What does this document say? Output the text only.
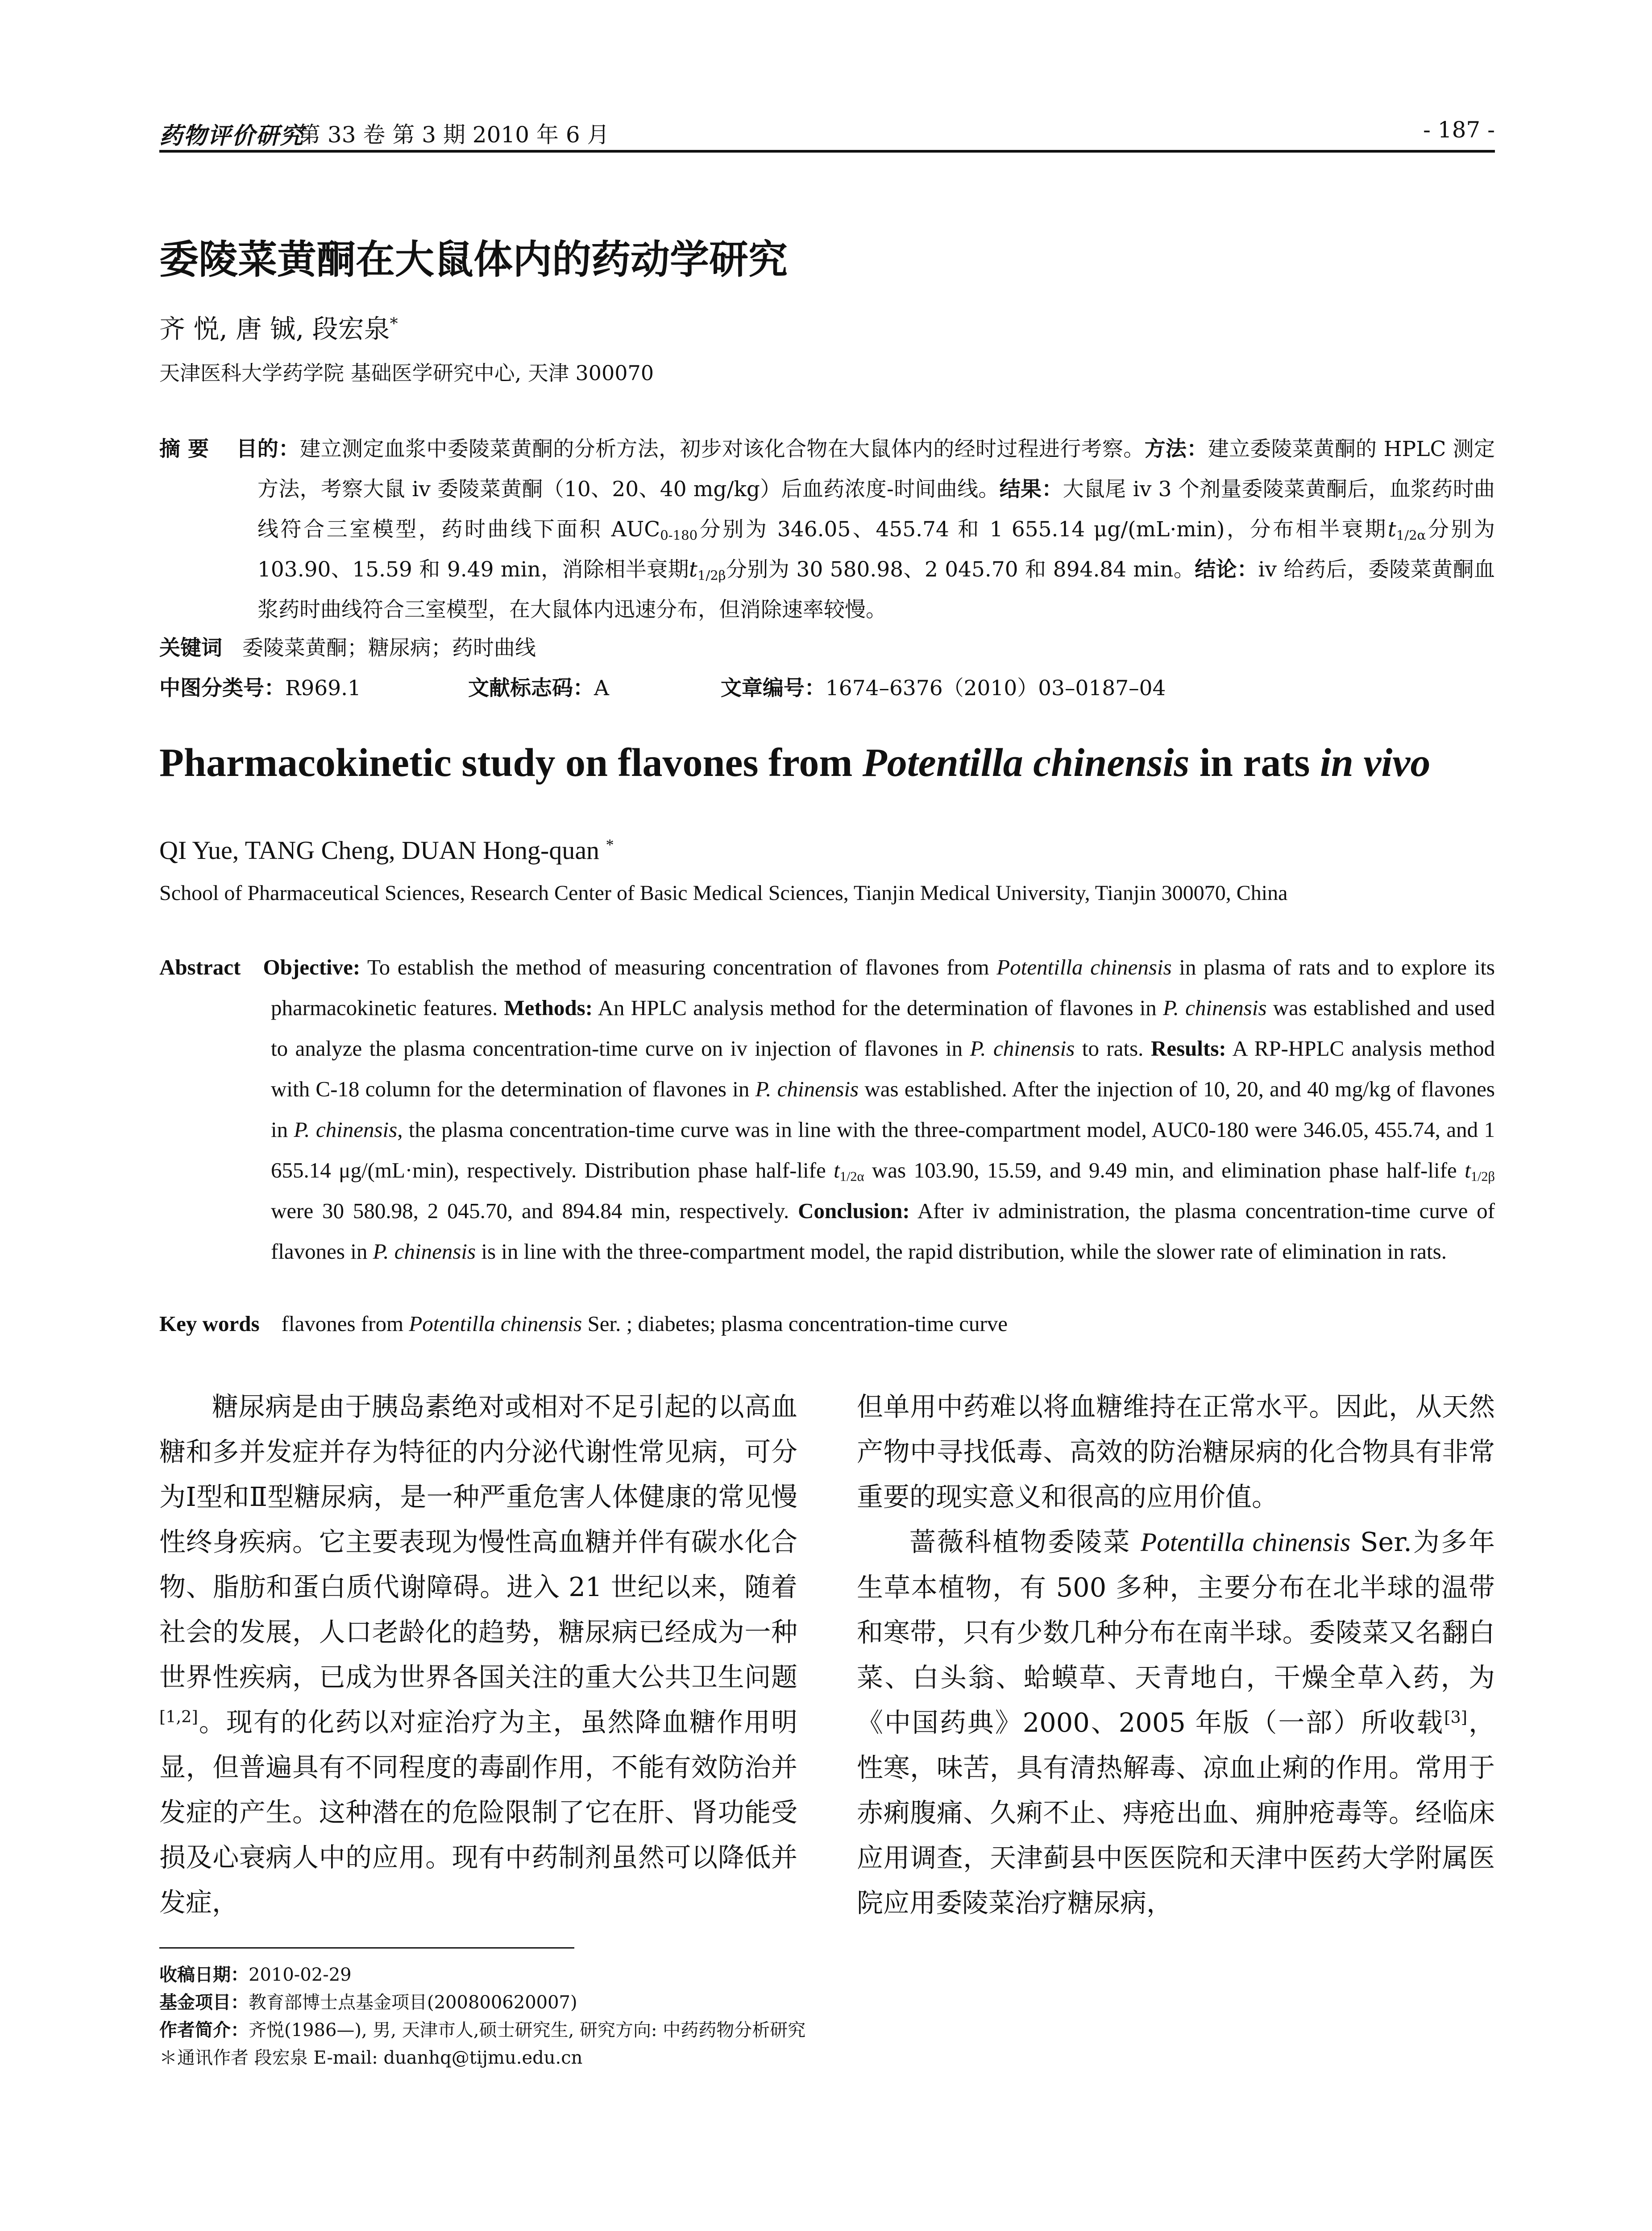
药物评价研究
第 33 卷 第 3 期 2010 年 6 月	- 187 -
委陵菜黄酮在大鼠体内的药动学研究
齐 悦, 唐 铖, 段宏泉*
天津医科大学药学院 基础医学研究中心, 天津 300070
摘 要 目的：建立测定血浆中委陵菜黄酮的分析方法，初步对该化合物在大鼠体内的经时过程进行考察。方法：建立委陵菜黄酮的 HPLC 测定方法，考察大鼠 iv 委陵菜黄酮（10、20、40 mg/kg）后血药浓度-时间曲线。结果：大鼠尾 iv 3 个剂量委陵菜黄酮后，血浆药时曲线符合三室模型，药时曲线下面积 $AUC_{0-180}$分别为 346.05、455.74 和 1 655.14 μg/(mL·min)，分布相半衰期$t_{1/2\alpha}$分别为 103.90、15.59 和 9.49 min，消除相半衰期$t_{1/2\beta}$分别为 30 580.98、2 045.70 和 894.84 min。结论：iv 给药后，委陵菜黄酮血浆药时曲线符合三室模型，在大鼠体内迅速分布，但消除速率较慢。
关键词 委陵菜黄酮；糖尿病；药时曲线
中图分类号：R969.1	文献标志码：A	文章编号：1674–6376（2010）03–0187–04
Pharmacokinetic study on flavones from Potentilla chinensis in rats in vivo
QI Yue, TANG Cheng, DUAN Hong-quan *
School of Pharmaceutical Sciences, Research Center of Basic Medical Sciences, Tianjin Medical University, Tianjin 300070, China
Abstract Objective: To establish the method of measuring concentration of flavones from Potentilla chinensis in plasma of rats and to explore its pharmacokinetic features. Methods: An HPLC analysis method for the determination of flavones in P. chinensis was established and used to analyze the plasma concentration-time curve on iv injection of flavones in P. chinensis to rats. Results: A RP-HPLC analysis method with C-18 column for the determination of flavones in P. chinensis was established. After the injection of 10, 20, and 40 mg/kg of flavones in P. chinensis, the plasma concentration-time curve was in line with the three-compartment model, AUC0-180 were 346.05, 455.74, and 1 655.14 μg/(mL·min), respectively. Distribution phase half-life $t_{1/2\alpha}$ was 103.90, 15.59, and 9.49 min, and elimination phase half-life $t_{1/2\beta}$ were 30 580.98, 2 045.70, and 894.84 min, respectively. Conclusion: After iv administration, the plasma concentration-time curve of flavones in P. chinensis is in line with the three-compartment model, the rapid distribution, while the slower rate of elimination in rats.
Key words flavones from Potentilla chinensis Ser. ; diabetes; plasma concentration-time curve

糖尿病是由于胰岛素绝对或相对不足引起的以高血糖和多并发症并存为特征的内分泌代谢性常见病，可分为Ⅰ型和Ⅱ型糖尿病，是一种严重危害人体健康的常见慢性终身疾病。它主要表现为慢性高血糖并伴有碳水化合物、脂肪和蛋白质代谢障碍。进入 21 世纪以来，随着社会的发展，人口老龄化的趋势，糖尿病已经成为一种世界性疾病，已成为世界各国关注的重大公共卫生问题[1,2]。现有的化药以对症治疗为主，虽然降血糖作用明显，但普遍具有不同程度的毒副作用，不能有效防治并发症的产生。这种潜在的危险限制了它在肝、肾功能受损及心衰病人中的应用。现有中药制剂虽然可以降低并发症，

但单用中药难以将血糖维持在正常水平。因此，从天然产物中寻找低毒、高效的防治糖尿病的化合物具有非常重要的现实意义和很高的应用价值。

蔷薇科植物委陵菜 Potentilla chinensis Ser.为多年生草本植物，有 500 多种，主要分布在北半球的温带和寒带，只有少数几种分布在南半球。委陵菜又名翻白菜、白头翁、蛤蟆草、天青地白，干燥全草入药，为《中国药典》2000、2005 年版（一部）所收载[3]，性寒，味苦，具有清热解毒、凉血止痢的作用。常用于赤痢腹痛、久痢不止、痔疮出血、痈肿疮毒等。经临床应用调查，天津蓟县中医医院和天津中医药大学附属医院应用委陵菜治疗糖尿病，

收稿日期：2010-02-29
基金项目：教育部博士点基金项目(200800620007)
作者简介：齐悦(1986—), 男, 天津市人,硕士研究生, 研究方向: 中药药物分析研究
＊通讯作者 段宏泉 E-mail: duanhq@tijmu.edu.cn
